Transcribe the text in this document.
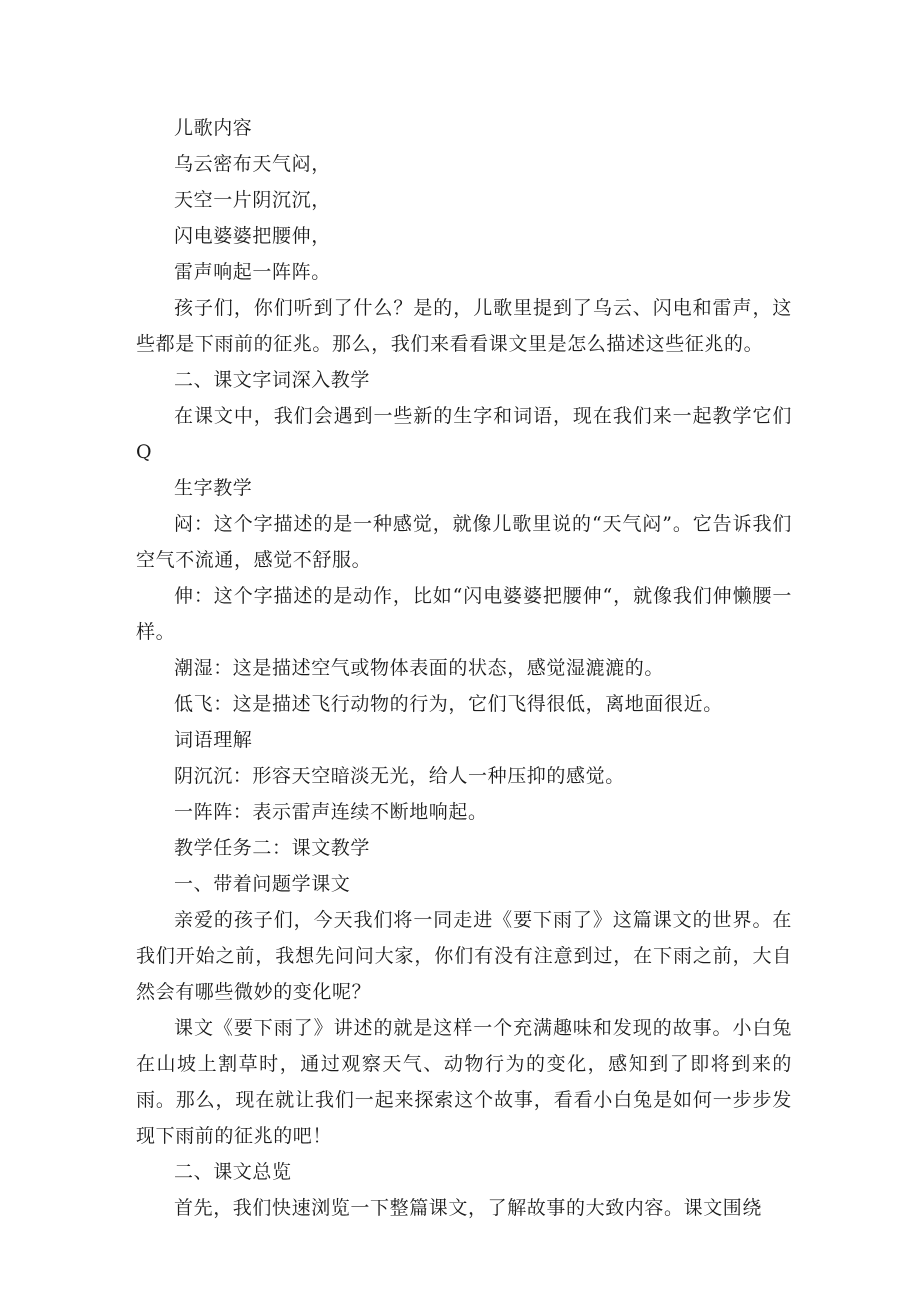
儿歌内容

乌云密布天气闷，

天空一片阴沉沉，

闪电婆婆把腰伸，

雷声响起一阵阵。

孩子们，你们听到了什么？是的，儿歌里提到了乌云、闪电和雷声，这些都是下雨前的征兆。那么，我们来看看课文里是怎么描述这些征兆的。

二、课文字词深入教学

在课文中，我们会遇到一些新的生字和词语，现在我们来一起教学它们Q

生字教学

闷：这个字描述的是一种感觉，就像儿歌里说的“天气闷”。它告诉我们空气不流通，感觉不舒服。

伸：这个字描述的是动作，比如“闪电婆婆把腰伸“，就像我们伸懒腰一样。

潮湿：这是描述空气或物体表面的状态，感觉湿漉漉的。

低飞：这是描述飞行动物的行为，它们飞得很低，离地面很近。

词语理解

阴沉沉：形容天空暗淡无光，给人一种压抑的感觉。

一阵阵：表示雷声连续不断地响起。

教学任务二：课文教学

一、带着问题学课文

亲爱的孩子们，今天我们将一同走进《要下雨了》这篇课文的世界。在我们开始之前，我想先问问大家，你们有没有注意到过，在下雨之前，大自然会有哪些微妙的变化呢？

课文《要下雨了》讲述的就是这样一个充满趣味和发现的故事。小白兔在山坡上割草时，通过观察天气、动物行为的变化，感知到了即将到来的雨。那么，现在就让我们一起来探索这个故事，看看小白兔是如何一步步发现下雨前的征兆的吧！

二、课文总览

首先，我们快速浏览一下整篇课文，了解故事的大致内容。课文围绕
